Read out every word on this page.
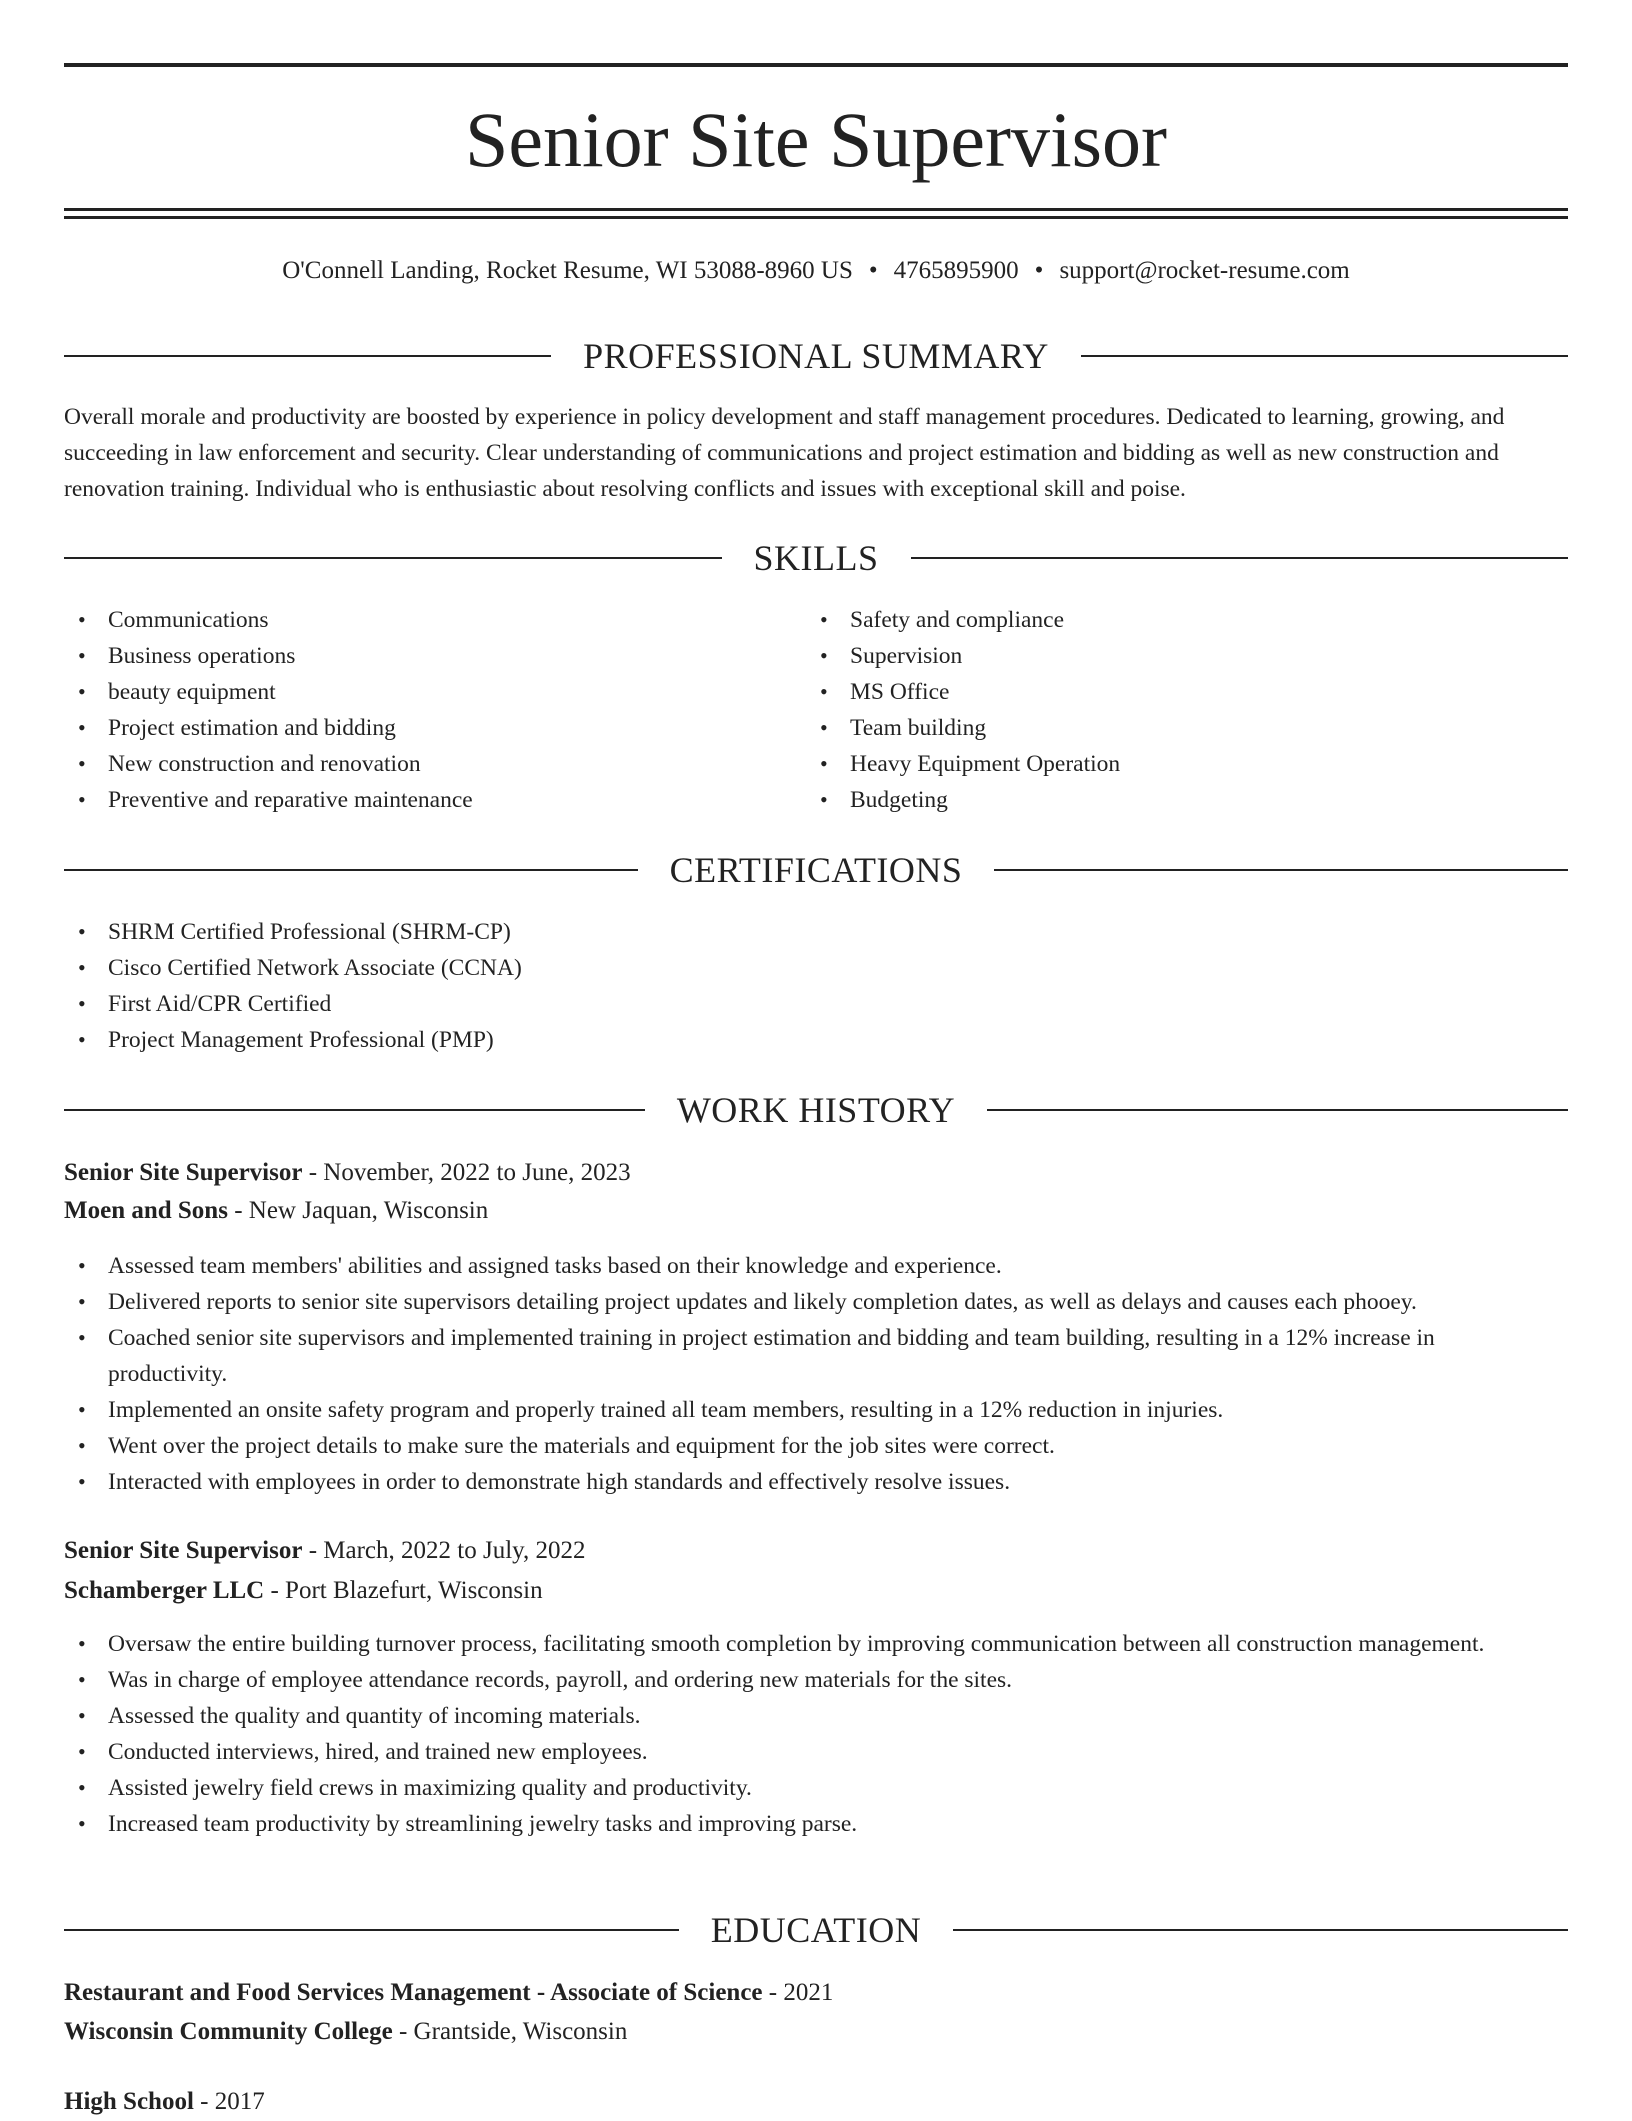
Senior Site Supervisor
O'Connell Landing, Rocket Resume, WI 53088-8960 US • 4765895900 • support@rocket-resume.com
PROFESSIONAL SUMMARY

Overall morale and productivity are boosted by experience in policy development and staff management procedures. Dedicated to learning, growing, and succeeding in law enforcement and security. Clear understanding of communications and project estimation and bidding as well as new construction and renovation training. Individual who is enthusiastic about resolving conflicts and issues with exceptional skill and poise.

SKILLS
• Communications
• Business operations
• beauty equipment
• Project estimation and bidding
• New construction and renovation
• Preventive and reparative maintenance
• Safety and compliance
• Supervision
• MS Office
• Team building
• Heavy Equipment Operation
• Budgeting
CERTIFICATIONS
• SHRM Certified Professional (SHRM-CP)
• Cisco Certified Network Associate (CCNA)
• First Aid/CPR Certified
• Project Management Professional (PMP)
WORK HISTORY
Senior Site Supervisor - November, 2022 to June, 2023
Moen and Sons - New Jaquan, Wisconsin
• Assessed team members' abilities and assigned tasks based on their knowledge and experience.
• Delivered reports to senior site supervisors detailing project updates and likely completion dates, as well as delays and causes each phooey.
• Coached senior site supervisors and implemented training in project estimation and bidding and team building, resulting in a 12% increase in productivity.
• Implemented an onsite safety program and properly trained all team members, resulting in a 12% reduction in injuries.
• Went over the project details to make sure the materials and equipment for the job sites were correct.
• Interacted with employees in order to demonstrate high standards and effectively resolve issues.
Senior Site Supervisor - March, 2022 to July, 2022
Schamberger LLC - Port Blazefurt, Wisconsin
• Oversaw the entire building turnover process, facilitating smooth completion by improving communication between all construction management.
• Was in charge of employee attendance records, payroll, and ordering new materials for the sites.
• Assessed the quality and quantity of incoming materials.
• Conducted interviews, hired, and trained new employees.
• Assisted jewelry field crews in maximizing quality and productivity.
• Increased team productivity by streamlining jewelry tasks and improving parse.
EDUCATION
Restaurant and Food Services Management - Associate of Science - 2021
Wisconsin Community College - Grantside, Wisconsin
High School - 2017
